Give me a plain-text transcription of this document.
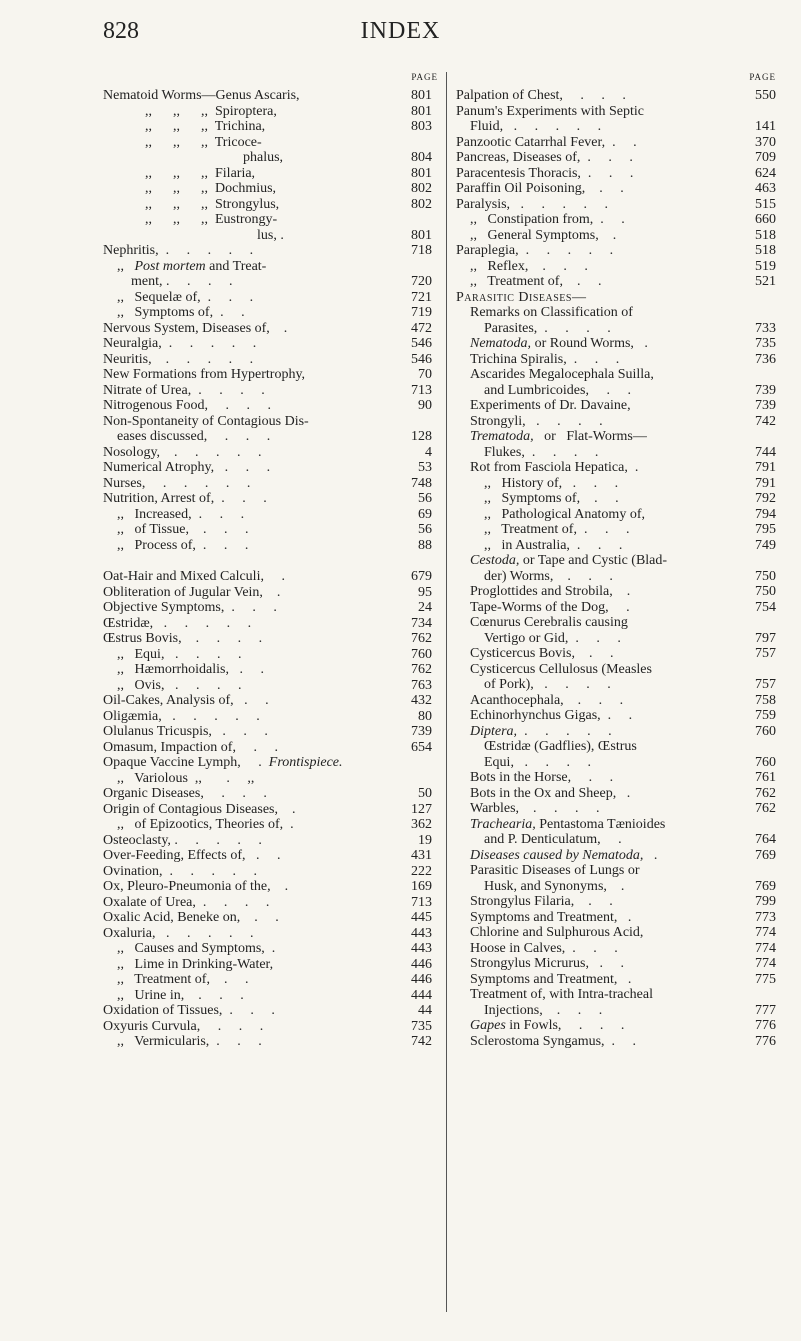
828	INDEX
PAGE
Nematoid Worms—Genus Ascaris,	801
,,      ,,      ,,  Spiroptera,	801
,,      ,,      ,,  Trichina,	803
,,      ,,      ,,  Tricoce-
phalus,	804
,,      ,,      ,,  Filaria,	801
,,      ,,      ,,  Dochmius,	802
,,      ,,      ,,  Strongylus,	802
,,      ,,      ,,  Eustrongy-
lus, .	801
Nephritis,  .     .     .     .     .	718
,,   Post mortem and Treat-
ment, .     .     .     .	720
,,   Sequelæ of,  .     .     .	721
,,   Symptoms of,  .     .	719
Nervous System, Diseases of,    .	472
Neuralgia,  .     .     .     .     .	546
Neuritis,    .     .     .     .     .	546
New Formations from Hypertrophy,	70
Nitrate of Urea,  .     .     .     .	713
Nitrogenous Food,     .     .     .	90
Non-Spontaneity of Contagious Dis-
eases discussed,     .     .     .	128
Nosology,    .     .     .     .     .	4
Numerical Atrophy,   .     .     .	53
Nurses,     .     .     .     .     .	748
Nutrition, Arrest of,  .     .     .	56
,,   Increased,  .     .     .	69
,,   of Tissue,    .     .     .	56
,,   Process of,  .     .     .	88
Oat-Hair and Mixed Calculi,     .	679
Obliteration of Jugular Vein,    .	95
Objective Symptoms,  .     .     .	24
Œstridæ,   .     .     .     .     .	734
Œstrus Bovis,    .     .     .     .	762
,,   Equi,   .     .     .     .	760
,,   Hæmorrhoidalis,   .     .	762
,,   Ovis,   .     .     .     .	763
Oil-Cakes, Analysis of,   .     .	432
Oligæmia,   .     .     .     .     .	80
Olulanus Tricuspis,   .     .     .	739
Omasum, Impaction of,     .     .	654
Opaque Vaccine Lymph,     .  Frontispiece.
,,   Variolous  ,,       .     ,,
Organic Diseases,     .     .     .	50
Origin of Contagious Diseases,    .	127
,,   of Epizootics, Theories of,  .	362
Osteoclasty, .     .     .     .     .	19
Over-Feeding, Effects of,   .     .	431
Ovination,  .     .     .     .     .	222
Ox, Pleuro-Pneumonia of the,    .	169
Oxalate of Urea,  .     .     .     .	713
Oxalic Acid, Beneke on,    .     .	445
Oxaluria,   .     .     .     .     .	443
,,   Causes and Symptoms,  .	443
,,   Lime in Drinking-Water,	446
,,   Treatment of,    .     .	446
,,   Urine in,    .     .     .	444
Oxidation of Tissues,  .     .     .	44
Oxyuris Curvula,     .     .     .	735
,,   Vermicularis,  .     .     .	742
PAGE
Palpation of Chest,     .     .     .	550
Panum's Experiments with Septic
Fluid,   .     .     .     .     .	141
Panzootic Catarrhal Fever,  .     .	370
Pancreas, Diseases of,  .     .     .	709
Paracentesis Thoracis,  .     .     .	624
Paraffin Oil Poisoning,    .     .	463
Paralysis,   .     .     .     .     .	515
,,   Constipation from,  .     .	660
,,   General Symptoms,    .	518
Paraplegia,  .     .     .     .     .	518
,,   Reflex,    .     .     .	519
,,   Treatment of,    .     .	521
Parasitic Diseases—
Remarks on Classification of
Parasites,  .     .     .     .	733
Nematoda, or Round Worms,   .	735
Trichina Spiralis,  .     .     .	736
Ascarides Megalocephala Suilla,
and Lumbricoides,     .     .	739
Experiments of Dr. Davaine,	739
Strongyli,   .     .     .     .	742
Trematoda,   or   Flat-Worms—
Flukes,  .     .     .     .	744
Rot from Fasciola Hepatica,  .	791
,,   History of,   .     .     .	791
,,   Symptoms of,    .     .	792
,,   Pathological Anatomy of,	794
,,   Treatment of,  .     .     .	795
,,   in Australia,  .     .     .	749
Cestoda, or Tape and Cystic (Blad-
der) Worms,    .     .     .	750
Proglottides and Strobila,    .	750
Tape-Worms of the Dog,     .	754
Cœnurus Cerebralis causing
Vertigo or Gid,  .     .     .	797
Cysticercus Bovis,    .     .	757
Cysticercus Cellulosus (Measles
of Pork),   .     .     .     .	757
Acanthocephala,    .     .     .	758
Echinorhynchus Gigas,  .     .	759
Diptera,  .     .     .     .     .	760
Œstridæ (Gadflies), Œstrus
Equi,   .     .     .     .	760
Bots in the Horse,     .     .	761
Bots in the Ox and Sheep,   .	762
Warbles,    .     .     .     .	762
Trachearia, Pentastoma Tænioides
and P. Denticulatum,     .	764
Diseases caused by Nematoda,   .	769
Parasitic Diseases of Lungs or
Husk, and Synonyms,    .	769
Strongylus Filaria,    .     .	799
Symptoms and Treatment,   .	773
Chlorine and Sulphurous Acid,	774
Hoose in Calves,  .     .     .	774
Strongylus Micrurus,   .     .	774
Symptoms and Treatment,   .	775
Treatment of, with Intra-tracheal
Injections,    .     .     .	777
Gapes in Fowls,     .     .     .	776
Sclerostoma Syngamus,  .     .	776
